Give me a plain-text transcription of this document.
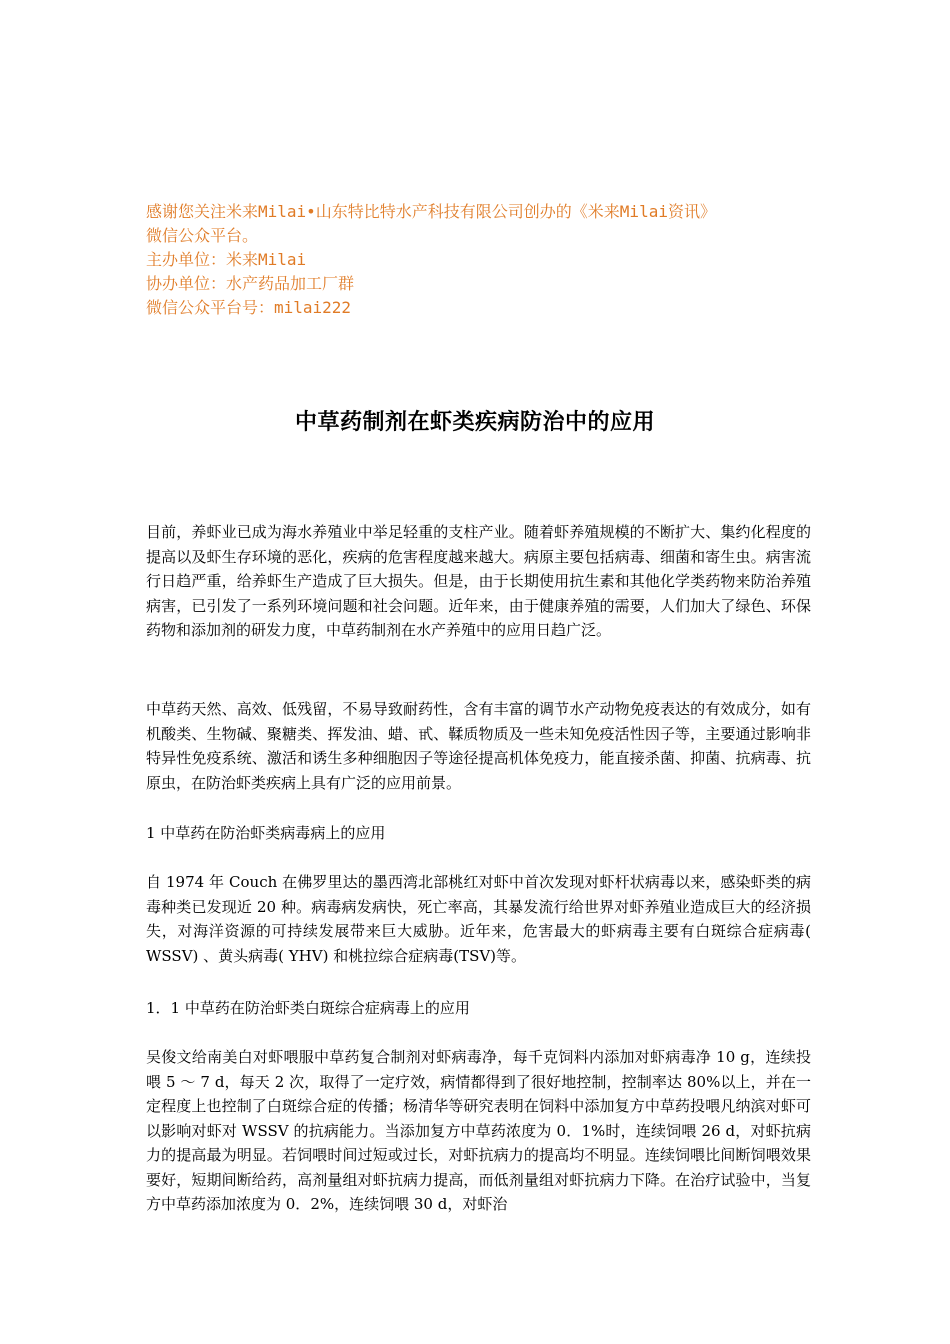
感谢您关注米来Milai•山东特比特水产科技有限公司创办的《米来Milai资讯》
微信公众平台。
主办单位：米来Milai
协办单位：水产药品加工厂群
微信公众平台号：milai222
中草药制剂在虾类疾病防治中的应用

目前，养虾业已成为海水养殖业中举足轻重的支柱产业。随着虾养殖规模的不断扩大、集约化程度的提高以及虾生存环境的恶化，疾病的危害程度越来越大。病原主要包括病毒、细菌和寄生虫。病害流行日趋严重，给养虾生产造成了巨大损失。但是，由于长期使用抗生素和其他化学类药物来防治养殖病害，已引发了一系列环境问题和社会问题。近年来，由于健康养殖的需要，人们加大了绿色、环保药物和添加剂的研发力度，中草药制剂在水产养殖中的应用日趋广泛。

中草药天然、高效、低残留，不易导致耐药性，含有丰富的调节水产动物免疫表达的有效成分，如有机酸类、生物碱、聚糖类、挥发油、蜡、甙、鞣质物质及一些未知免疫活性因子等，主要通过影响非特异性免疫系统、激活和诱生多种细胞因子等途径提高机体免疫力，能直接杀菌、抑菌、抗病毒、抗原虫，在防治虾类疾病上具有广泛的应用前景。

1 中草药在防治虾类病毒病上的应用

自 1974 年 Couch 在佛罗里达的墨西湾北部桃红对虾中首次发现对虾杆状病毒以来，感染虾类的病毒种类已发现近 20 种。病毒病发病快，死亡率高，其暴发流行给世界对虾养殖业造成巨大的经济损失，对海洋资源的可持续发展带来巨大威胁。近年来，危害最大的虾病毒主要有白斑综合症病毒( WSSV) 、黄头病毒( YHV) 和桃拉综合症病毒(TSV)等。

1．1 中草药在防治虾类白斑综合症病毒上的应用

吴俊文给南美白对虾喂服中草药复合制剂对虾病毒净，每千克饲料内添加对虾病毒净 10 g，连续投喂 5 ～ 7 d，每天 2 次，取得了一定疗效，病情都得到了很好地控制，控制率达 80%以上，并在一定程度上也控制了白斑综合症的传播；杨清华等研究表明在饲料中添加复方中草药投喂凡纳滨对虾可以影响对虾对 WSSV 的抗病能力。当添加复方中草药浓度为 0．1%时，连续饲喂 26 d，对虾抗病力的提高最为明显。若饲喂时间过短或过长，对虾抗病力的提高均不明显。连续饲喂比间断饲喂效果要好，短期间断给药，高剂量组对虾抗病力提高，而低剂量组对虾抗病力下降。在治疗试验中，当复方中草药添加浓度为 0．2%，连续饲喂 30 d，对虾治
